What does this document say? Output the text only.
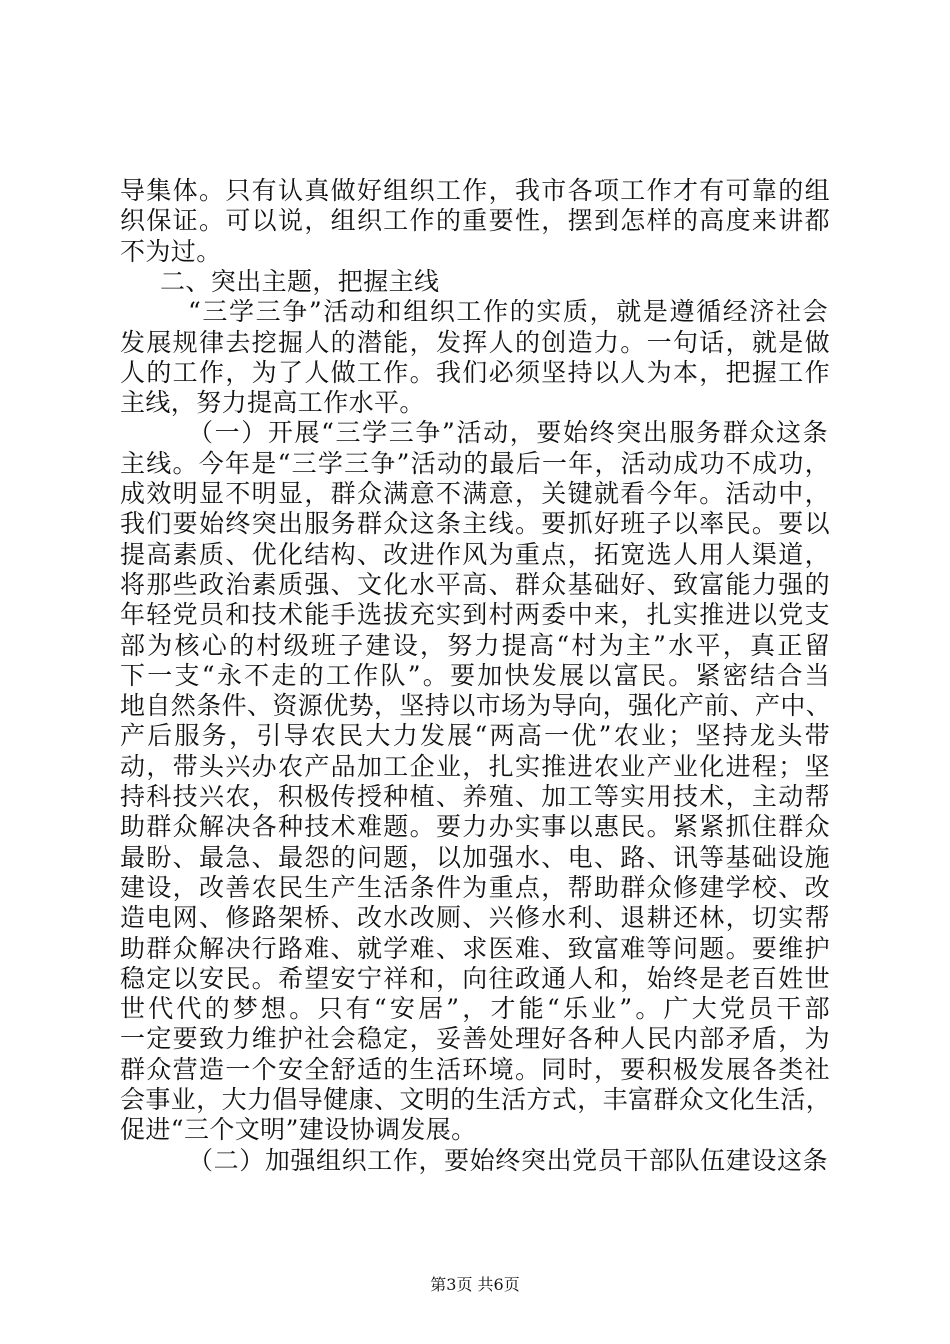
导集体。只有认真做好组织工作，我市各项工作才有可靠的组
织保证。可以说，组织工作的重要性，摆到怎样的高度来讲都
不为过。
二、突出主题，把握主线
“三学三争”活动和组织工作的实质，就是遵循经济社会
发展规律去挖掘人的潜能，发挥人的创造力。一句话，就是做
人的工作，为了人做工作。我们必须坚持以人为本，把握工作
主线，努力提高工作水平。
（一）开展“三学三争”活动，要始终突出服务群众这条
主线。今年是“三学三争”活动的最后一年，活动成功不成功，
成效明显不明显，群众满意不满意，关键就看今年。活动中，
我们要始终突出服务群众这条主线。要抓好班子以率民。要以
提高素质、优化结构、改进作风为重点，拓宽选人用人渠道，
将那些政治素质强、文化水平高、群众基础好、致富能力强的
年轻党员和技术能手选拔充实到村两委中来，扎实推进以党支
部为核心的村级班子建设，努力提高“村为主”水平，真正留
下一支“永不走的工作队”。要加快发展以富民。紧密结合当
地自然条件、资源优势，坚持以市场为导向，强化产前、产中、
产后服务，引导农民大力发展“两高一优”农业；坚持龙头带
动，带头兴办农产品加工企业，扎实推进农业产业化进程；坚
持科技兴农，积极传授种植、养殖、加工等实用技术，主动帮
助群众解决各种技术难题。要力办实事以惠民。紧紧抓住群众
最盼、最急、最怨的问题，以加强水、电、路、讯等基础设施
建设，改善农民生产生活条件为重点，帮助群众修建学校、改
造电网、修路架桥、改水改厕、兴修水利、退耕还林，切实帮
助群众解决行路难、就学难、求医难、致富难等问题。要维护
稳定以安民。希望安宁祥和，向往政通人和，始终是老百姓世
世代代的梦想。只有“安居”，才能“乐业”。广大党员干部
一定要致力维护社会稳定，妥善处理好各种人民内部矛盾，为
群众营造一个安全舒适的生活环境。同时，要积极发展各类社
会事业，大力倡导健康、文明的生活方式，丰富群众文化生活，
促进“三个文明”建设协调发展。
（二）加强组织工作，要始终突出党员干部队伍建设这条
第3页 共6页
